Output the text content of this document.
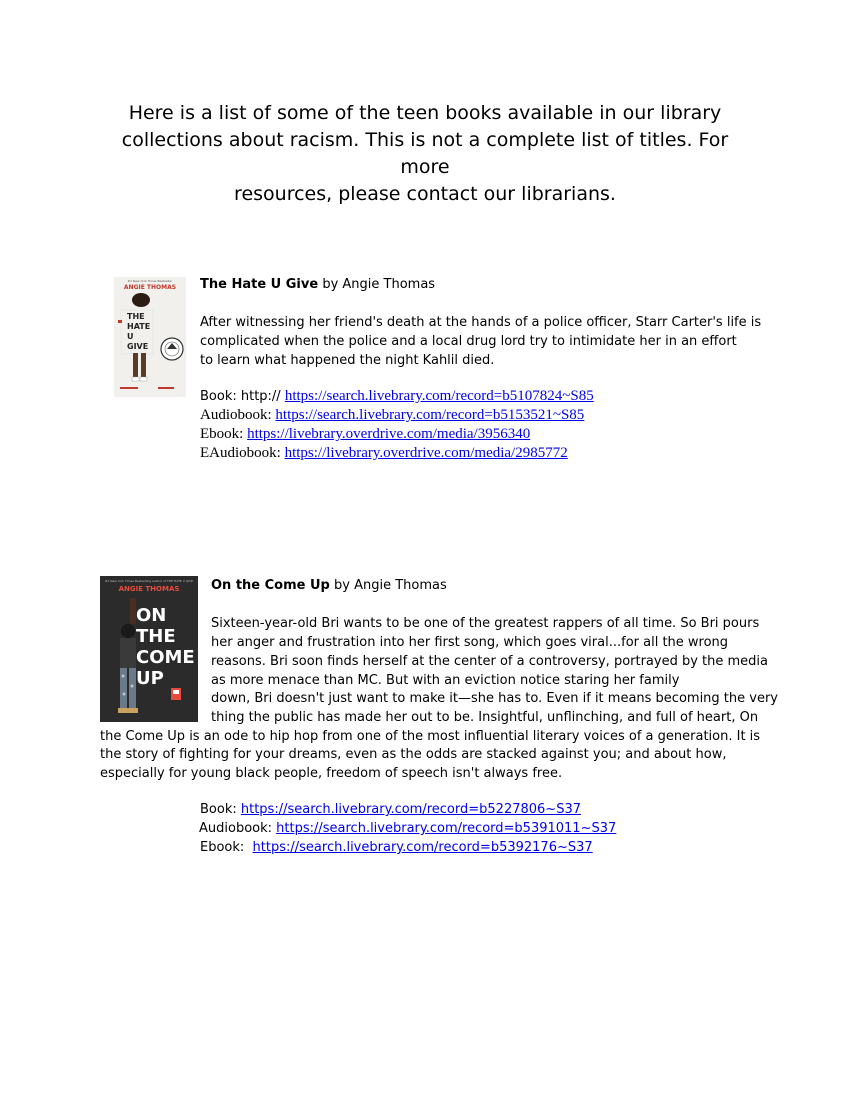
Here is a list of some of the teen books available in our library
collections about racism. This is not a complete list of titles. For more
resources, please contact our librarians.
#1 New York Times Bestseller
ANGIE THOMAS
THE
HATE
U
GIVE

The Hate U Give by Angie Thomas

After witnessing her friend's death at the hands of a police officer, Starr Carter's life is

complicated when the police and a local drug lord try to intimidate her in an effort

to learn what happened the night Kahlil died.

Book: http:// https://search.livebrary.com/record=b5107824~S85

Audiobook: https://search.livebrary.com/record=b5153521~S85

Ebook: https://livebrary.overdrive.com/media/3956340

EAudiobook: https://livebrary.overdrive.com/media/2985772

#1 New York Times Bestselling Author of THE HATE U GIVE
ANGIE THOMAS
ON
THE
COME
UP

On the Come Up by Angie Thomas

Sixteen-year-old Bri wants to be one of the greatest rappers of all time. So Bri pours

her anger and frustration into her first song, which goes viral...for all the wrong

reasons. Bri soon finds herself at the center of a controversy, portrayed by the media

as more menace than MC. But with an eviction notice staring her family

down, Bri doesn't just want to make it—she has to. Even if it means becoming the very

thing the public has made her out to be. Insightful, unflinching, and full of heart, On

the Come Up is an ode to hip hop from one of the most influential literary voices of a generation. It is

the story of fighting for your dreams, even as the odds are stacked against you; and about how,

especially for young black people, freedom of speech isn't always free.

Book: https://search.livebrary.com/record=b5227806~S37

Audiobook: https://search.livebrary.com/record=b5391011~S37

Ebook:  https://search.livebrary.com/record=b5392176~S37
